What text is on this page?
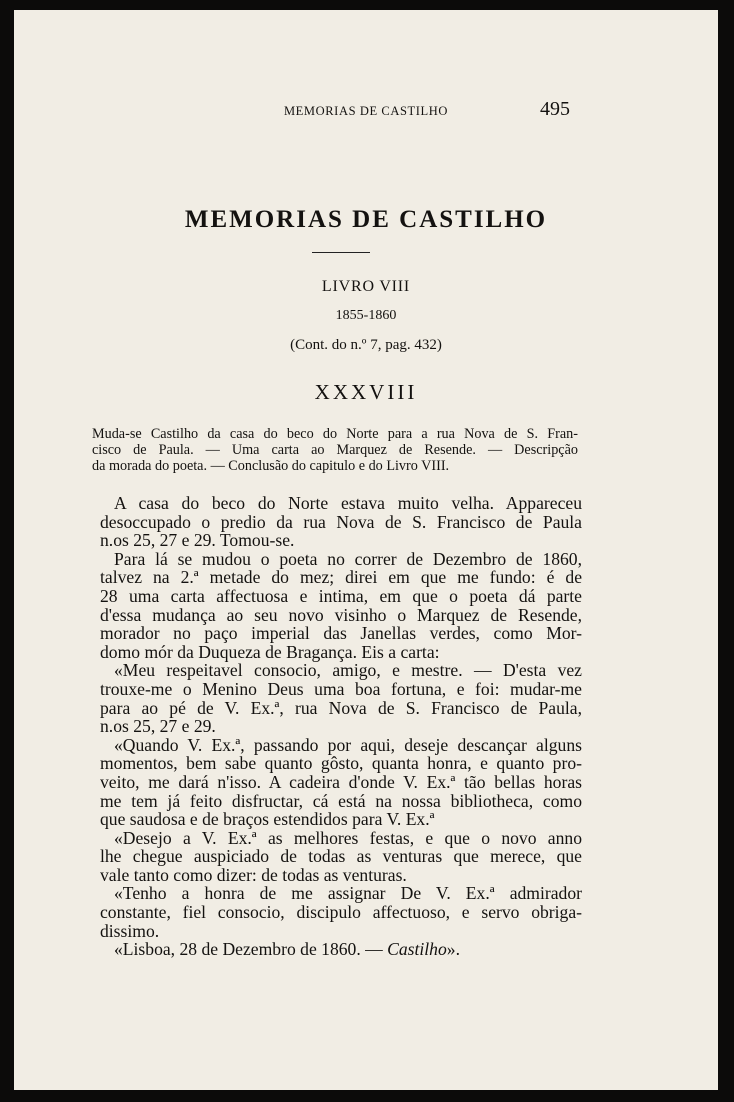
MEMORIAS DE CASTILHO	495
MEMORIAS DE CASTILHO
LIVRO VIII
1855-1860
(Cont. do n.º 7, pag. 432)
XXXVIII
Muda-se Castilho da casa do beco do Norte para a rua Nova de S. Fran-
cisco de Paula. — Uma carta ao Marquez de Resende. — Descripção
da morada do poeta. — Conclusão do capitulo e do Livro VIII.
A casa do beco do Norte estava muito velha. Appareceu
desoccupado o predio da rua Nova de S. Francisco de Paula
n.os 25, 27 e 29. Tomou-se.
Para lá se mudou o poeta no correr de Dezembro de 1860,
talvez na 2.ª metade do mez; direi em que me fundo: é de
28 uma carta affectuosa e intima, em que o poeta dá parte
d'essa mudança ao seu novo visinho o Marquez de Resende,
morador no paço imperial das Janellas verdes, como Mor-
domo mór da Duqueza de Bragança. Eis a carta:
«Meu respeitavel consocio, amigo, e mestre. — D'esta vez
trouxe-me o Menino Deus uma boa fortuna, e foi: mudar-me
para ao pé de V. Ex.ª, rua Nova de S. Francisco de Paula,
n.os 25, 27 e 29.
«Quando V. Ex.ª, passando por aqui, deseje descançar alguns
momentos, bem sabe quanto gôsto, quanta honra, e quanto pro-
veito, me dará n'isso. A cadeira d'onde V. Ex.ª tão bellas horas
me tem já feito disfructar, cá está na nossa bibliotheca, como
que saudosa e de braços estendidos para V. Ex.ª
«Desejo a V. Ex.ª as melhores festas, e que o novo anno
lhe chegue auspiciado de todas as venturas que merece, que
vale tanto como dizer: de todas as venturas.
«Tenho a honra de me assignar De V. Ex.ª admirador
constante, fiel consocio, discipulo affectuoso, e servo obriga-
dissimo.
«Lisboa, 28 de Dezembro de 1860. — Castilho».
